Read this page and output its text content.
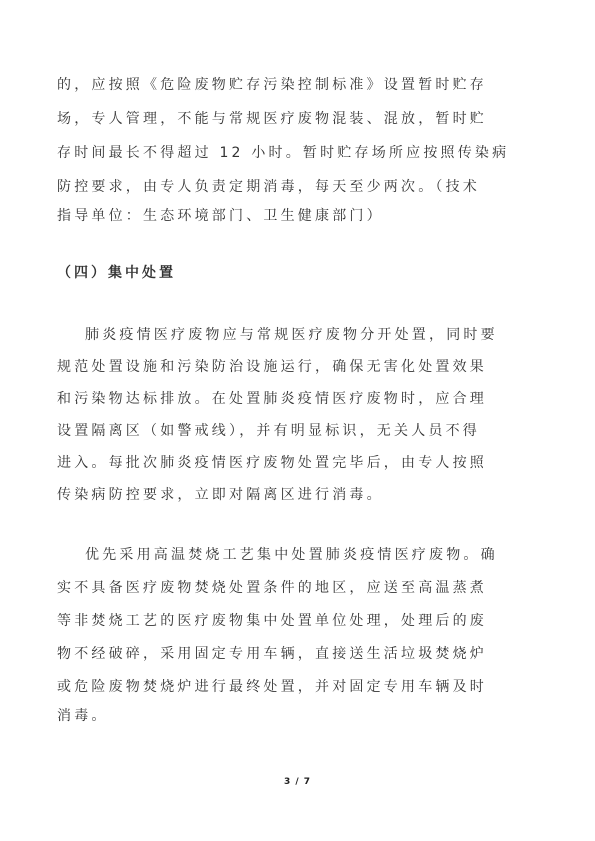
的，应按照《危险废物贮存污染控制标准》设置暂时贮存
场，专人管理，不能与常规医疗废物混装、混放，暂时贮
存时间最长不得超过 12 小时。暂时贮存场所应按照传染病
防控要求，由专人负责定期消毒，每天至少两次。（技术
指导单位：生态环境部门、卫生健康部门）
（四）集中处置
肺炎疫情医疗废物应与常规医疗废物分开处置，同时要
规范处置设施和污染防治设施运行，确保无害化处置效果
和污染物达标排放。在处置肺炎疫情医疗废物时，应合理
设置隔离区（如警戒线），并有明显标识，无关人员不得
进入。每批次肺炎疫情医疗废物处置完毕后，由专人按照
传染病防控要求，立即对隔离区进行消毒。
优先采用高温焚烧工艺集中处置肺炎疫情医疗废物。确
实不具备医疗废物焚烧处置条件的地区，应送至高温蒸煮
等非焚烧工艺的医疗废物集中处置单位处理，处理后的废
物不经破碎，采用固定专用车辆，直接送生活垃圾焚烧炉
或危险废物焚烧炉进行最终处置，并对固定专用车辆及时
消毒。
3 / 7
